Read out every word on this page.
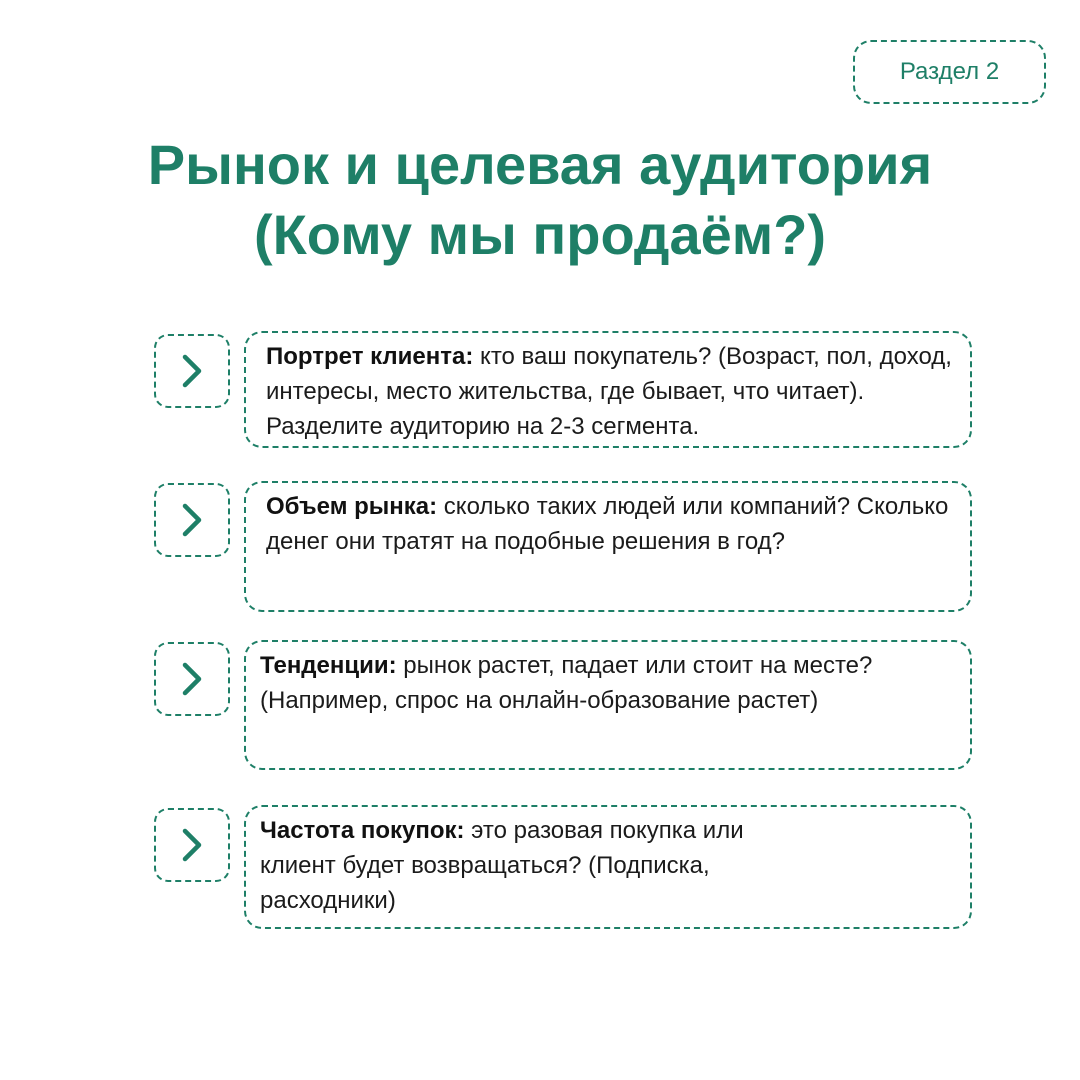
Раздел 2
Рынок и целевая аудитория
(Кому мы продаём?)
Портрет клиента: кто ваш покупатель? (Возраст, пол, доход, интересы, место жительства, где бывает, что читает). Разделите аудиторию на 2-3 сегмента.
Объем рынка: сколько таких людей или компаний? Сколько денег они тратят на подобные решения в год?
Тенденции: рынок растет, падает или стоит на месте? (Например, спрос на онлайн-образование растет)
Частота покупок: это разовая покупка или клиент будет возвращаться? (Подписка, расходники)
